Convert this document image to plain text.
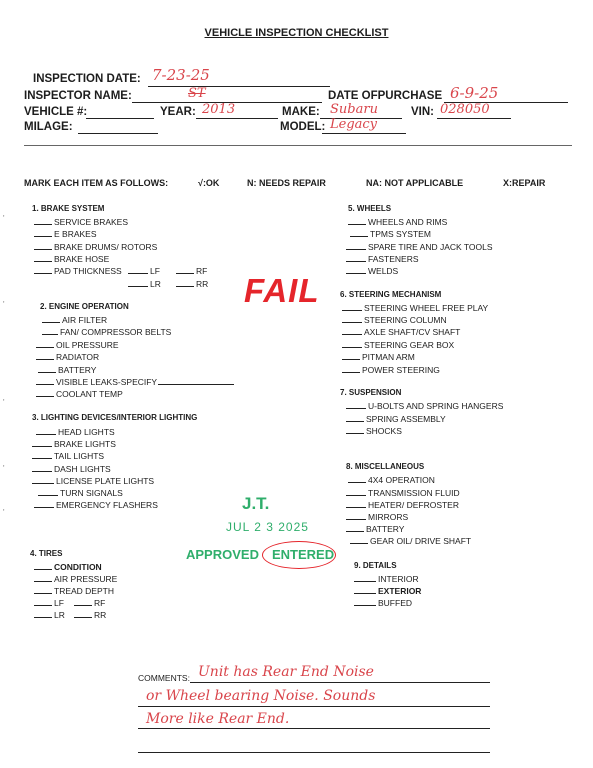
VEHICLE INSPECTION CHECKLIST
INSPECTION DATE: 7-23-25
INSPECTOR NAME:	ST	DATE OFPURCHASE 6-9-25
VEHICLE #:	YEAR: 2013	MAKE: Subaru	VIN: 028050
MILAGE:	MODEL: Legacy
MARK EACH ITEM AS FOLLOWS:	√:OK	N: NEEDS REPAIR	NA: NOT APPLICABLE	X:REPAIR
1. BRAKE SYSTEM
SERVICE BRAKES
E BRAKES
BRAKE DRUMS/ ROTORS
BRAKE HOSE
PAD THICKNESS	LF	RF
LR	RR
2. ENGINE OPERATION
AIR FILTER
FAN/ COMPRESSOR BELTS
OIL PRESSURE
RADIATOR
BATTERY
VISIBLE LEAKS-SPECIFY
COOLANT TEMP
3. LIGHTING DEVICES/INTERIOR LIGHTING
HEAD LIGHTS
BRAKE LIGHTS
TAIL LIGHTS
DASH LIGHTS
LICENSE PLATE LIGHTS
TURN SIGNALS
EMERGENCY FLASHERS
4. TIRES
CONDITION
AIR PRESSURE
TREAD DEPTH
LF	RF
LR	RR
5. WHEELS
WHEELS AND RIMS
TPMS SYSTEM
SPARE TIRE AND JACK TOOLS
FASTENERS
WELDS
6. STEERING MECHANISM
STEERING WHEEL FREE PLAY
STEERING COLUMN
AXLE SHAFT/CV SHAFT
STEERING GEAR BOX
PITMAN ARM
POWER STEERING
7. SUSPENSION
U-BOLTS AND SPRING HANGERS
SPRING ASSEMBLY
SHOCKS
8. MISCELLANEOUS
4X4 OPERATION
TRANSMISSION FLUID
HEATER/ DEFROSTER
MIRRORS
BATTERY
GEAR OIL/ DRIVE SHAFT
9. DETAILS
INTERIOR
EXTERIOR
BUFFED
FAIL
J.T.
JUL 2 3 2025
APPROVED ENTERED
COMMENTS: Unit has Rear End Noise
or Wheel bearing Noise. Sounds
More like Rear End.
'
'
'
'
'
